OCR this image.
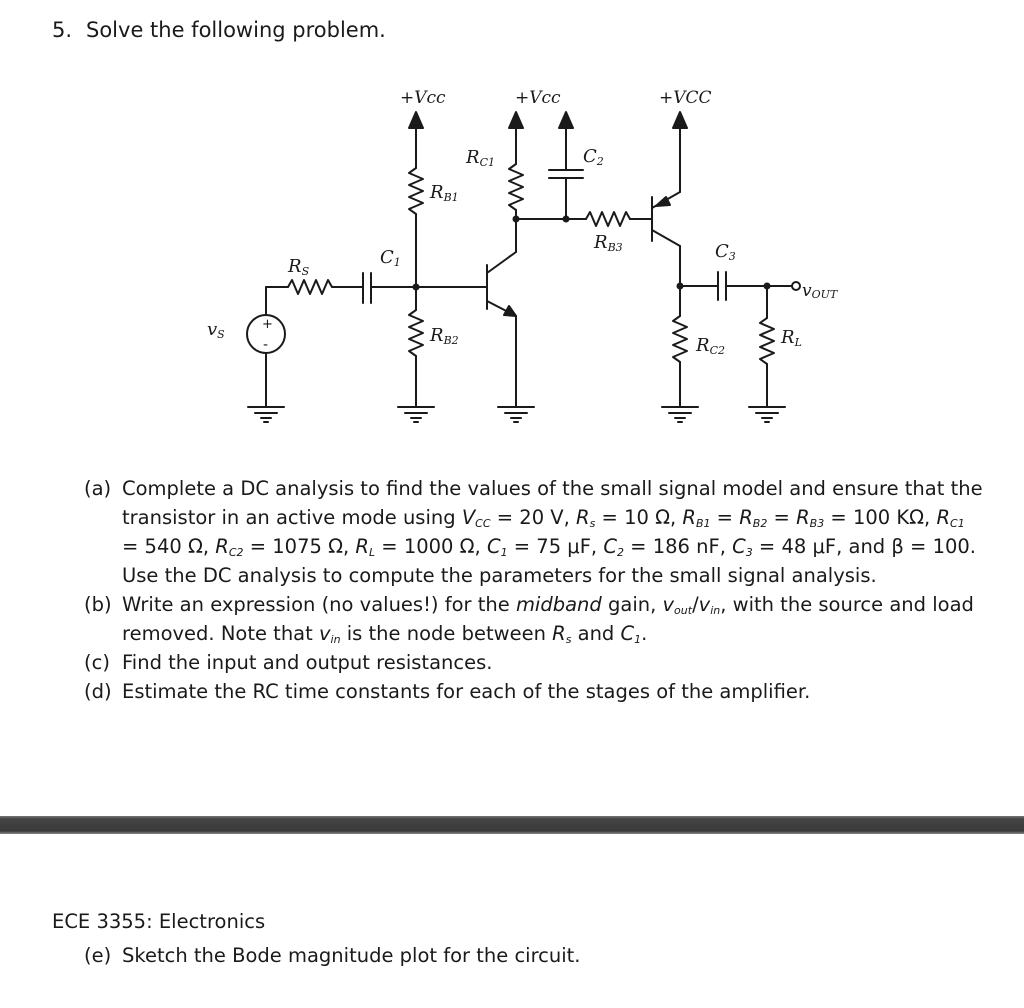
5. Solve the following problem.
+Vcc	+Vcc	+VCC
RS
C1
RB1
RB2
RC1	C2
RB3	C3
RC2
RL
vS
vOUT
+
-
(a) Complete a DC analysis to find the values of the small signal model and ensure that the transistor in an active mode using $V_{CC} = 20$ V, $R_s = 10$ Ω, $R_{B1} = R_{B2} = R_{B3} = 100$ KΩ, $R_{C1} = 540$ Ω, $R_{C2} = 1075$ Ω, $R_L = 1000$ Ω, $C_1 = 75$ μF, $C_2 = 186$ nF, $C_3 = 48$ μF, and β = 100. Use the DC analysis to compute the parameters for the small signal analysis.
(b) Write an expression (no values!) for the midband gain, $v_{out}/v_{in}$, with the source and load removed. Note that $v_{in}$ is the node between $R_s$ and $C_1$.
(c) Find the input and output resistances.
(d) Estimate the RC time constants for each of the stages of the amplifier.
ECE 3355: Electronics
(e) Sketch the Bode magnitude plot for the circuit.
